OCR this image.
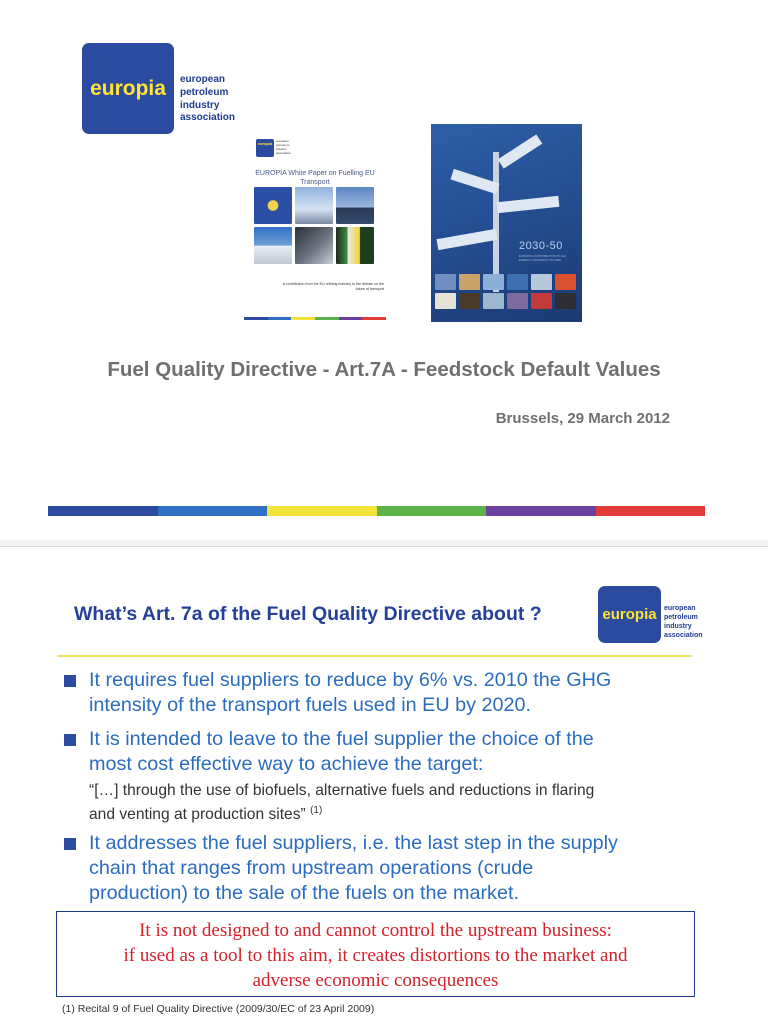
europia european
petroleum
industry
association
europia european
petroleum
industry
association
EUROPIA White Paper on Fuelling EU Transport
A contribution from the EU refining industry to the debate on the future of transport
2030-50
EUROPIA CONTRIBUTION TO EU ENERGY PATHWAYS TO 2050
Fuel Quality Directive - Art.7A - Feedstock Default Values
Brussels, 29 March 2012
What’s Art. 7a of the Fuel Quality Directive about ?	europia european
petroleum
industry
association
It requires fuel suppliers to reduce by 6% vs. 2010 the GHG
intensity of the transport fuels used in EU by 2020.
It is intended to leave to the fuel supplier the choice of the
most cost effective way to achieve the target:
“[…] through the use of biofuels, alternative fuels and reductions in flaring
and venting at production sites” $^{(1)}$
It addresses the fuel suppliers, i.e. the last step in the supply
chain that ranges from upstream operations (crude
production) to the sale of the fuels on the market.
It is not designed to and cannot control the upstream business:
if used as a tool to this aim, it creates distortions to the market and
adverse economic consequences
(1) Recital 9 of Fuel Quality Directive (2009/30/EC of 23 April 2009)
